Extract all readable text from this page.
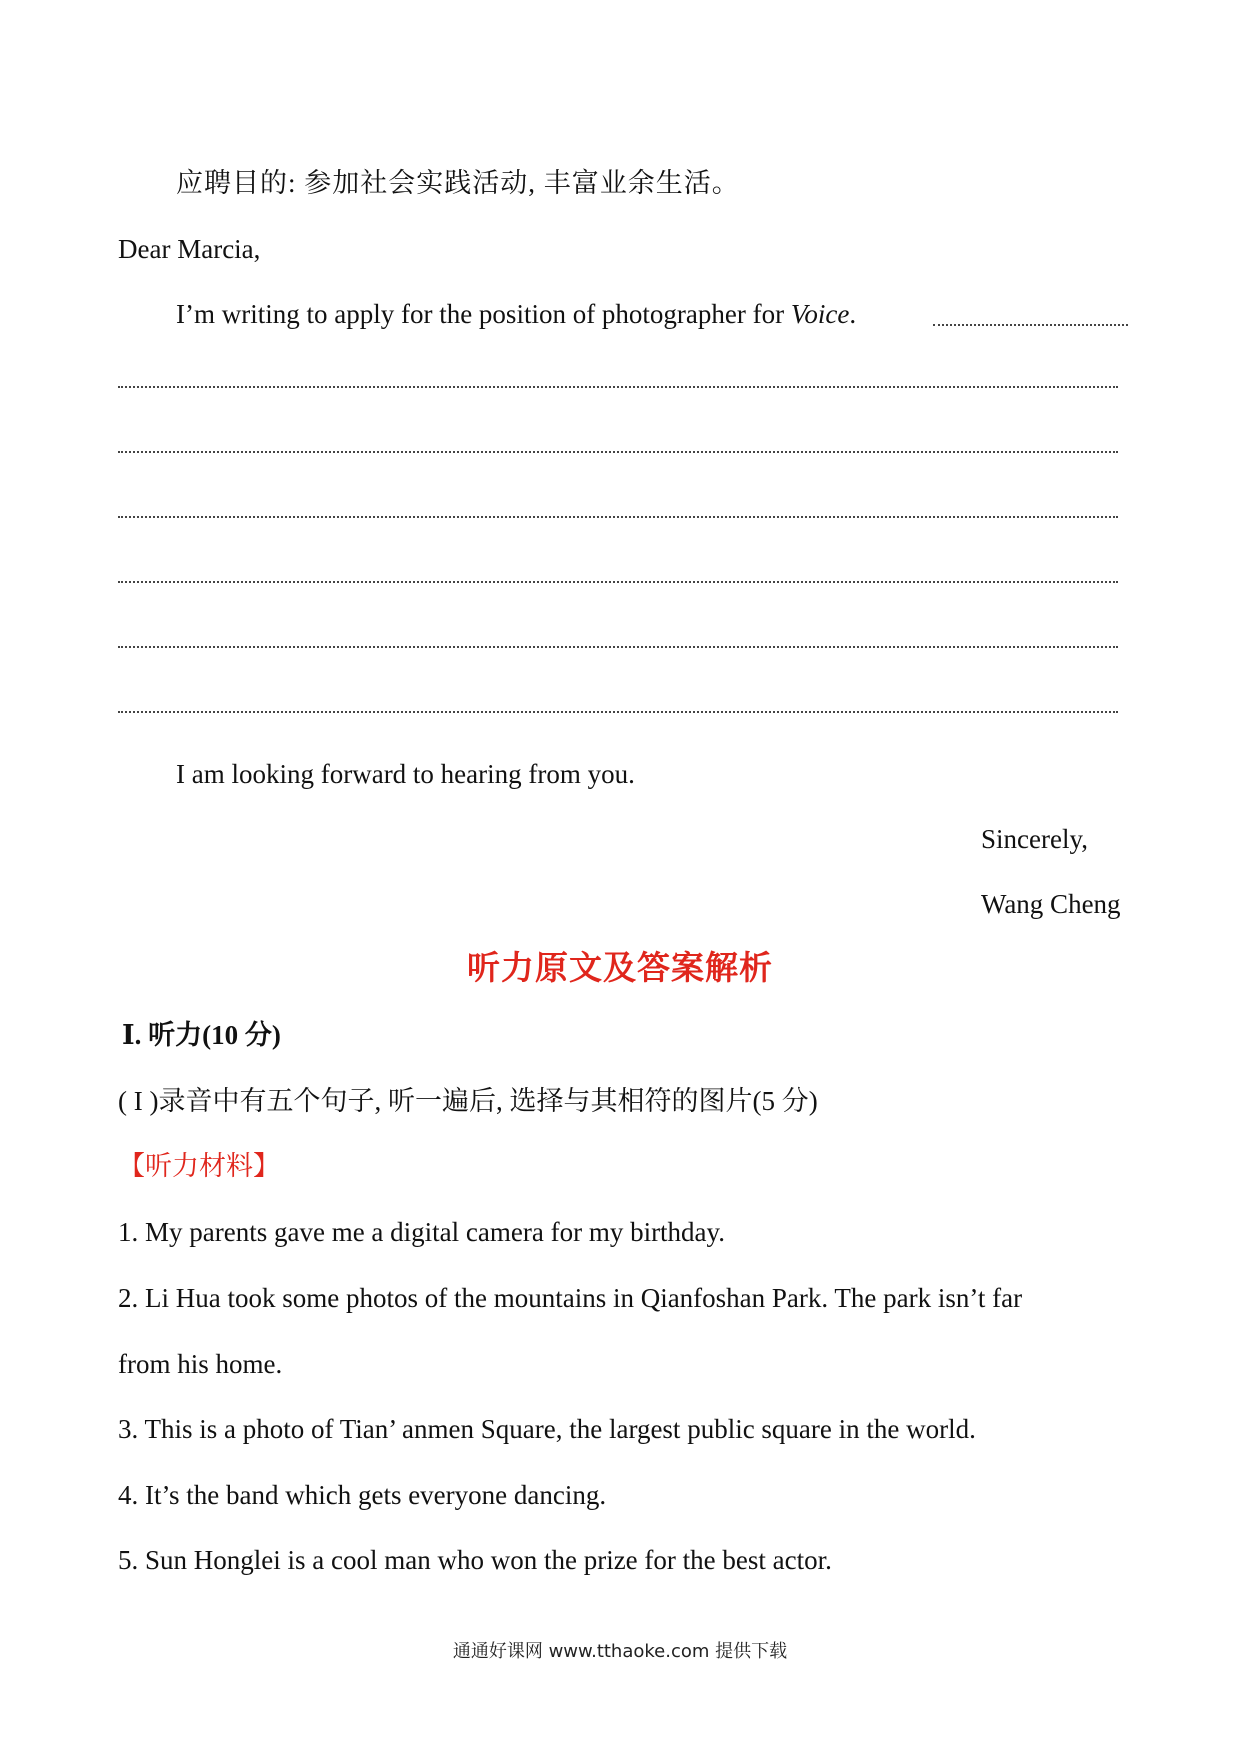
应聘目的: 参加社会实践活动, 丰富业余生活。
Dear Marcia,
I’m writing to apply for the position of photographer for Voice.
I am looking forward to hearing from you.
Sincerely,
Wang Cheng
听力原文及答案解析
Ⅰ. 听力(10 分)
( I )录音中有五个句子, 听一遍后, 选择与其相符的图片(5 分)
【听力材料】
1. My parents gave me a digital camera for my birthday.
2. Li Hua took some photos of the mountains in Qianfoshan Park. The park isn’t far
from his home.
3. This is a photo of Tian’ anmen Square, the largest public square in the world.
4. It’s the band which gets everyone dancing.
5. Sun Honglei is a cool man who won the prize for the best actor.
通通好课网 www.tthaoke.com 提供下载
